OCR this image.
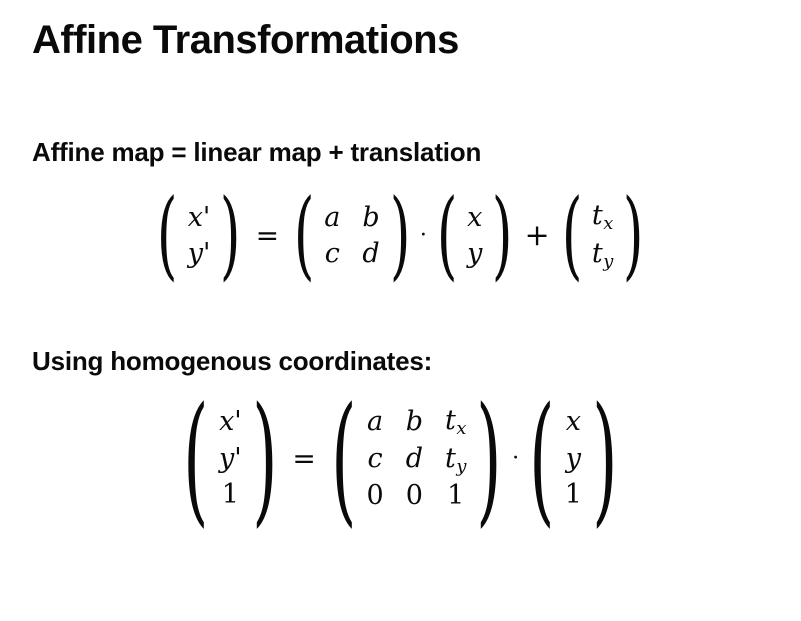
Affine Transformations
Affine map = linear map + translation
( x'
y' ) = ( a b
c d ) · ( x
y ) + ( $t_x$
$t_y$ )
Using homogenous coordinates:
( x'
y'
1 ) = ( a b $t_x$
c d $t_y$
0 0 1 ) · ( x
y
1 )
